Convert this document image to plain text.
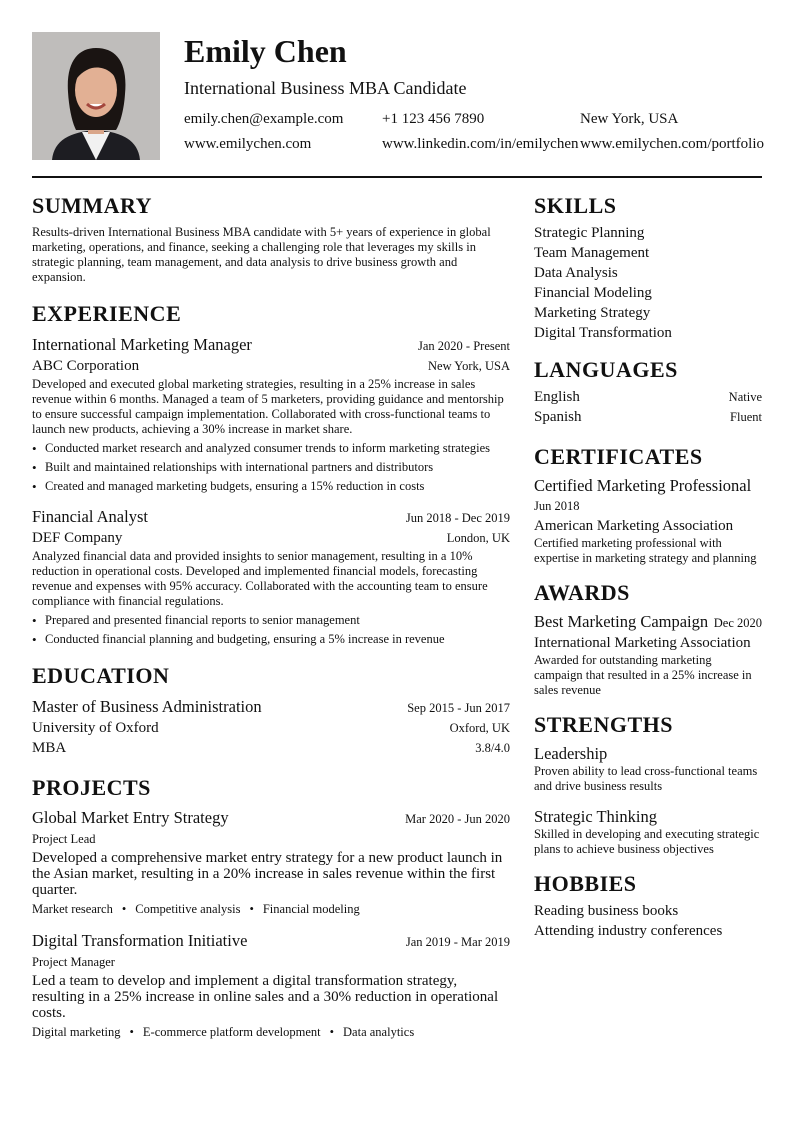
Emily Chen
International Business MBA Candidate
emily.chen@example.com	+1 123 456 7890	New York, USA
www.emilychen.com	www.linkedin.com/in/emilychen www.emilychen.com/portfolio
SUMMARY
Results-driven International Business MBA candidate with 5+ years of experience in global marketing, operations, and finance, seeking a challenging role that leverages my skills in strategic planning, team management, and data analysis to drive business growth and expansion.
EXPERIENCE
International Marketing Manager	Jan 2020 - Present
ABC Corporation	New York, USA
Developed and executed global marketing strategies, resulting in a 25% increase in sales revenue within 6 months. Managed a team of 5 marketers, providing guidance and mentorship to ensure successful campaign implementation. Collaborated with cross-functional teams to launch new products, achieving a 30% increase in market share.
• Conducted market research and analyzed consumer trends to inform marketing strategies
• Built and maintained relationships with international partners and distributors
• Created and managed marketing budgets, ensuring a 15% reduction in costs
Financial Analyst	Jun 2018 - Dec 2019
DEF Company	London, UK
Analyzed financial data and provided insights to senior management, resulting in a 10% reduction in operational costs. Developed and implemented financial models, forecasting revenue and expenses with 95% accuracy. Collaborated with the accounting team to ensure compliance with financial regulations.
• Prepared and presented financial reports to senior management
• Conducted financial planning and budgeting, ensuring a 5% increase in revenue
EDUCATION
Master of Business Administration	Sep 2015 - Jun 2017
University of Oxford	Oxford, UK
MBA	3.8/4.0
PROJECTS
Global Market Entry Strategy	Mar 2020 - Jun 2020
Project Lead
Developed a comprehensive market entry strategy for a new product launch in the Asian market, resulting in a 20% increase in sales revenue within the first quarter.
Market research • Competitive analysis • Financial modeling
Digital Transformation Initiative	Jan 2019 - Mar 2019
Project Manager
Led a team to develop and implement a digital transformation strategy, resulting in a 25% increase in online sales and a 30% reduction in operational costs.
Digital marketing • E-commerce platform development • Data analytics
SKILLS
Strategic Planning
Team Management
Data Analysis
Financial Modeling
Marketing Strategy
Digital Transformation
LANGUAGES
English	Native
Spanish	Fluent
CERTIFICATES
Certified Marketing Professional
Jun 2018
American Marketing Association
Certified marketing professional with expertise in marketing strategy and planning
AWARDS
Best Marketing Campaign Dec 2020
International Marketing Association
Awarded for outstanding marketing campaign that resulted in a 25% increase in sales revenue
STRENGTHS
Leadership
Proven ability to lead cross-functional teams and drive business results
Strategic Thinking
Skilled in developing and executing strategic plans to achieve business objectives
HOBBIES
Reading business books
Attending industry conferences
